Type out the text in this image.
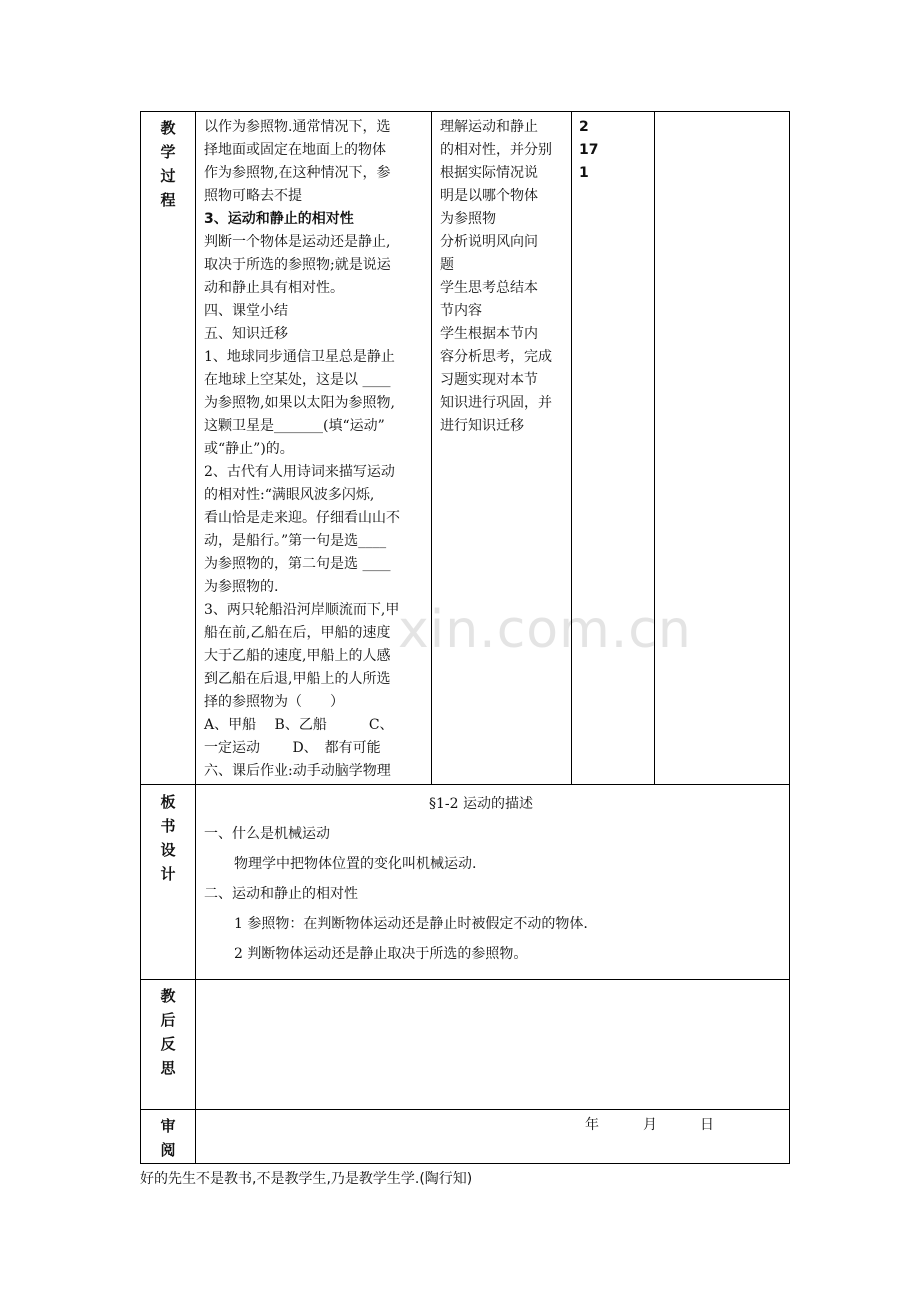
xin.com.cn
教
学
过
程
板
书
设
计
教
后
反
思
审
阅
以作为参照物.通常情况下，选
择地面或固定在地面上的物体
作为参照物,在这种情况下，参
照物可略去不提
3、运动和静止的相对性
判断一个物体是运动还是静止,
取决于所选的参照物;就是说运
动和静止具有相对性。
四、课堂小结
五、知识迁移
1、地球同步通信卫星总是静止
在地球上空某处，这是以 ____
为参照物,如果以太阳为参照物,
这颗卫星是_______(填“运动”
或“静止”)的。
2、古代有人用诗词来描写运动
的相对性:“满眼风波多闪烁,
看山恰是走来迎。仔细看山山不
动，是船行。”第一句是选____
为参照物的，第二句是选 ____
为参照物的.
3、两只轮船沿河岸顺流而下,甲
船在前,乙船在后，甲船的速度
大于乙船的速度,甲船上的人感
到乙船在后退,甲船上的人所选
择的参照物为（　　）
A、甲船　 B、乙船　　　C、
一定运动　　 D、　都有可能
六、课后作业:动手动脑学物理
理解运动和静止
的相对性，并分别
根据实际情况说
明是以哪个物体
为参照物
分析说明风向问
题
学生思考总结本
节内容
学生根据本节内
容分析思考，完成
习题实现对本节
知识进行巩固，并
进行知识迁移
2
17
1
§1-2 运动的描述
一、什么是机械运动
物理学中把物体位置的变化叫机械运动.
二、运动和静止的相对性
1 参照物：在判断物体运动还是静止时被假定不动的物体.
2 判断物体运动还是静止取决于所选的参照物。
年	月	日
好的先生不是教书,不是教学生,乃是教学生学.(陶行知)
